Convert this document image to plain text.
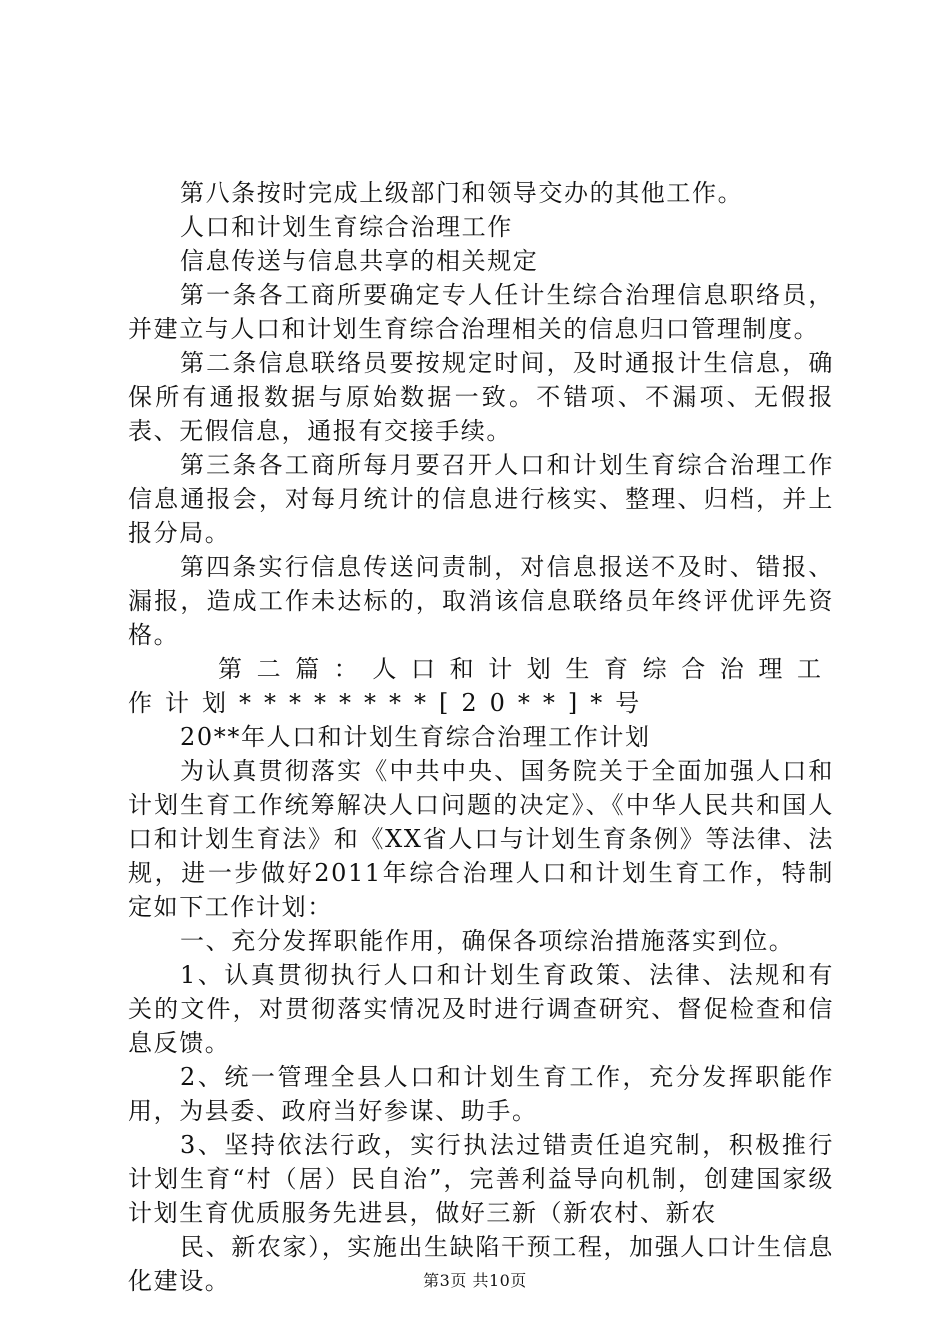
第八条按时完成上级部门和领导交办的其他工作。

人口和计划生育综合治理工作

信息传送与信息共享的相关规定

第一条各工商所要确定专人任计生综合治理信息职络员，并建立与人口和计划生育综合治理相关的信息归口管理制度。

第二条信息联络员要按规定时间，及时通报计生信息，确保所有通报数据与原始数据一致。不错项、不漏项、无假报表、无假信息，通报有交接手续。

第三条各工商所每月要召开人口和计划生育综合治理工作信息通报会，对每月统计的信息进行核实、整理、归档，并上报分局。

第四条实行信息传送问责制，对信息报送不及时、错报、漏报，造成工作未达标的，取消该信息联络员年终评优评先资格。

第二篇：人口和计划生育综合治理工作计划********[20**]*号

20**年人口和计划生育综合治理工作计划

为认真贯彻落实《中共中央、国务院关于全面加强人口和计划生育工作统筹解决人口问题的决定》、《中华人民共和国人口和计划生育法》和《XX省人口与计划生育条例》等法律、法规，进一步做好2011年综合治理人口和计划生育工作，特制定如下工作计划：

一、充分发挥职能作用，确保各项综治措施落实到位。

1、认真贯彻执行人口和计划生育政策、法律、法规和有关的文件，对贯彻落实情况及时进行调查研究、督促检查和信息反馈。

2、统一管理全县人口和计划生育工作，充分发挥职能作用，为县委、政府当好参谋、助手。

3、坚持依法行政，实行执法过错责任追究制，积极推行计划生育“村（居）民自治”，完善利益导向机制，创建国家级计划生育优质服务先进县，做好三新（新农村、新农

民、新农家），实施出生缺陷干预工程，加强人口计生信息化建设。	第3页 共10页
